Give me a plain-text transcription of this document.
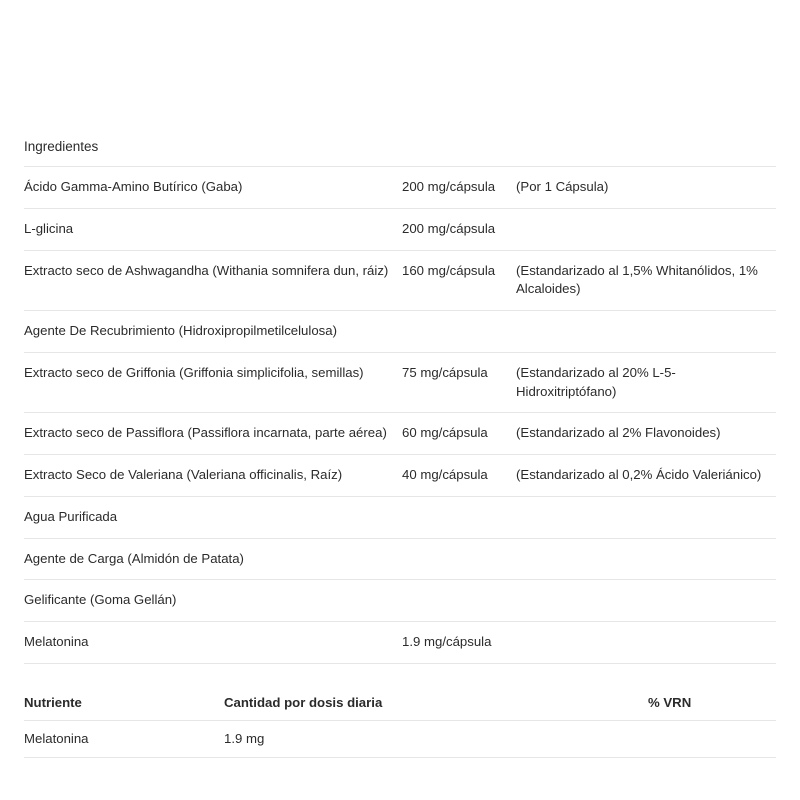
Ingredientes
Ácido Gamma-Amino Butírico (Gaba)	200 mg/cápsula	(Por 1 Cápsula)
L-glicina	200 mg/cápsula	
Extracto seco de Ashwagandha (Withania somnifera dun, ráiz)	160 mg/cápsula	(Estandarizado al 1,5% Whitanólidos, 1% Alcaloides)
Agente De Recubrimiento (Hidroxipropilmetilcelulosa)		
Extracto seco de Griffonia (Griffonia simplicifolia, semillas)	75 mg/cápsula	(Estandarizado al 20% L-5-Hidroxitriptófano)
Extracto seco de Passiflora (Passiflora incarnata, parte aérea)	60 mg/cápsula	(Estandarizado al 2% Flavonoides)
Extracto Seco de Valeriana (Valeriana officinalis, Raíz)	40 mg/cápsula	(Estandarizado al 0,2% Ácido Valeriánico)
Agua Purificada		
Agente de Carga (Almidón de Patata)		
Gelificante (Goma Gellán)		
Melatonina	1.9 mg/cápsula	
Nutriente	Cantidad por dosis diaria	% VRN
Melatonina	1.9 mg	
